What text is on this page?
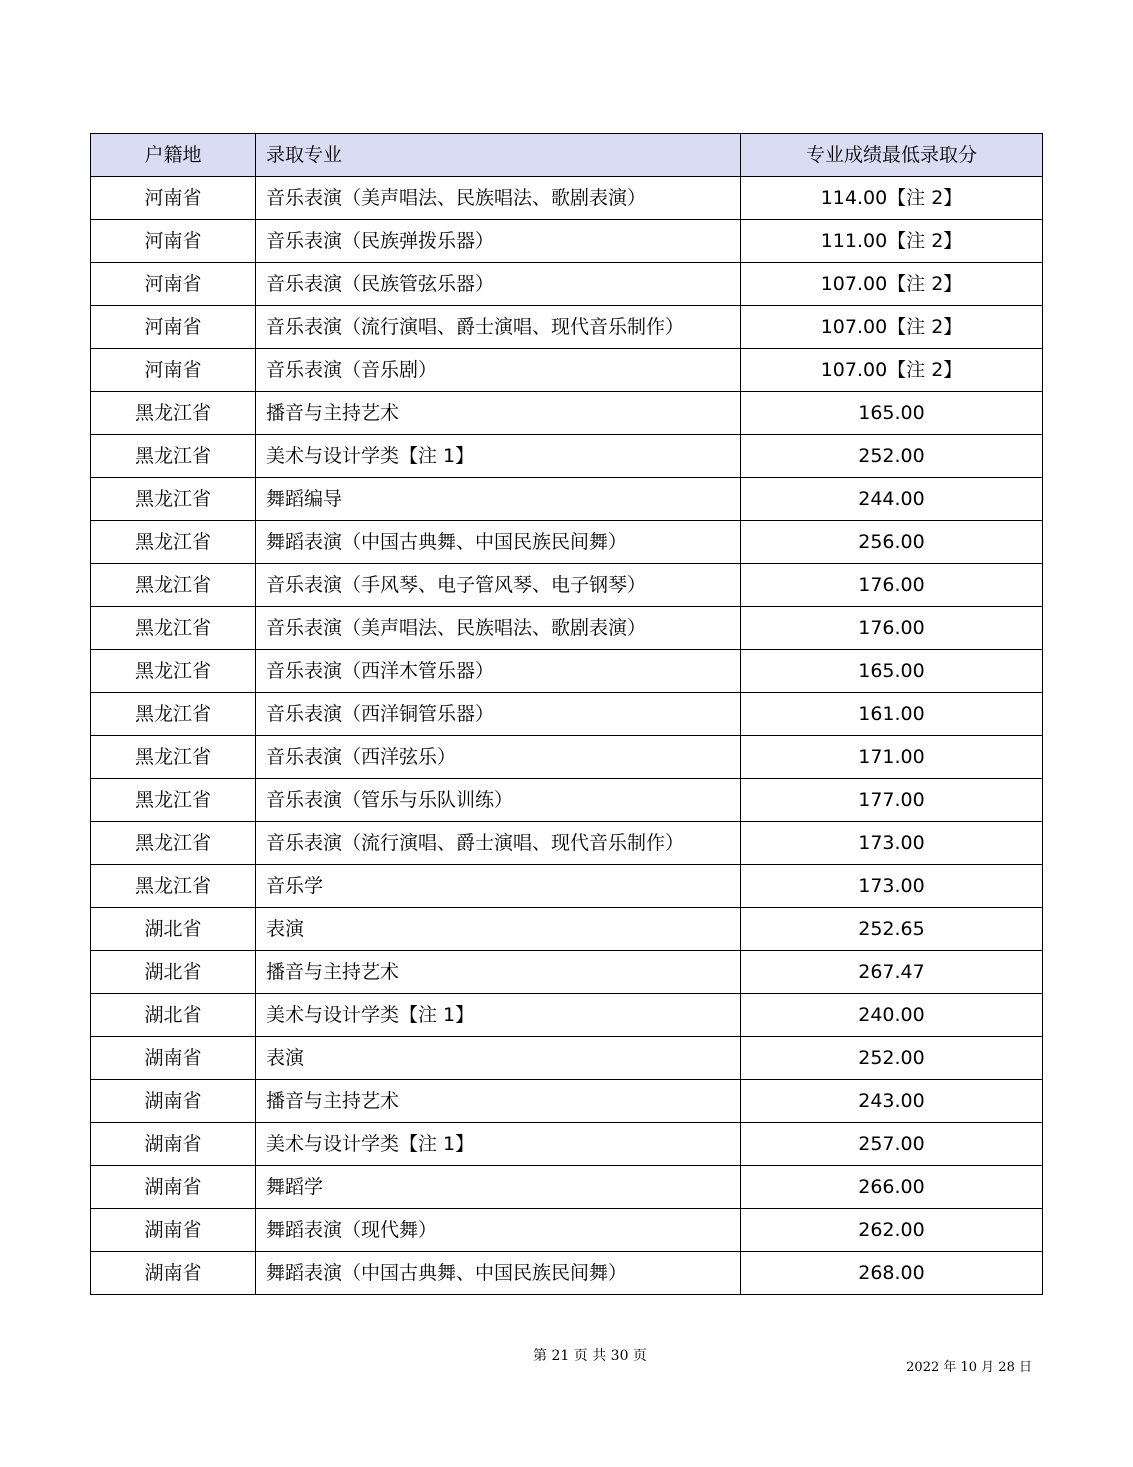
户籍地	录取专业	专业成绩最低录取分
河南省	音乐表演（美声唱法、民族唱法、歌剧表演）	114.00【注 2】
河南省	音乐表演（民族弹拨乐器）	111.00【注 2】
河南省	音乐表演（民族管弦乐器）	107.00【注 2】
河南省	音乐表演（流行演唱、爵士演唱、现代音乐制作）	107.00【注 2】
河南省	音乐表演（音乐剧）	107.00【注 2】
黑龙江省	播音与主持艺术	165.00
黑龙江省	美术与设计学类【注 1】	252.00
黑龙江省	舞蹈编导	244.00
黑龙江省	舞蹈表演（中国古典舞、中国民族民间舞）	256.00
黑龙江省	音乐表演（手风琴、电子管风琴、电子钢琴）	176.00
黑龙江省	音乐表演（美声唱法、民族唱法、歌剧表演）	176.00
黑龙江省	音乐表演（西洋木管乐器）	165.00
黑龙江省	音乐表演（西洋铜管乐器）	161.00
黑龙江省	音乐表演（西洋弦乐）	171.00
黑龙江省	音乐表演（管乐与乐队训练）	177.00
黑龙江省	音乐表演（流行演唱、爵士演唱、现代音乐制作）	173.00
黑龙江省	音乐学	173.00
湖北省	表演	252.65
湖北省	播音与主持艺术	267.47
湖北省	美术与设计学类【注 1】	240.00
湖南省	表演	252.00
湖南省	播音与主持艺术	243.00
湖南省	美术与设计学类【注 1】	257.00
湖南省	舞蹈学	266.00
湖南省	舞蹈表演（现代舞）	262.00
湖南省	舞蹈表演（中国古典舞、中国民族民间舞）	268.00
第 21 页 共 30 页
2022 年 10 月 28 日
